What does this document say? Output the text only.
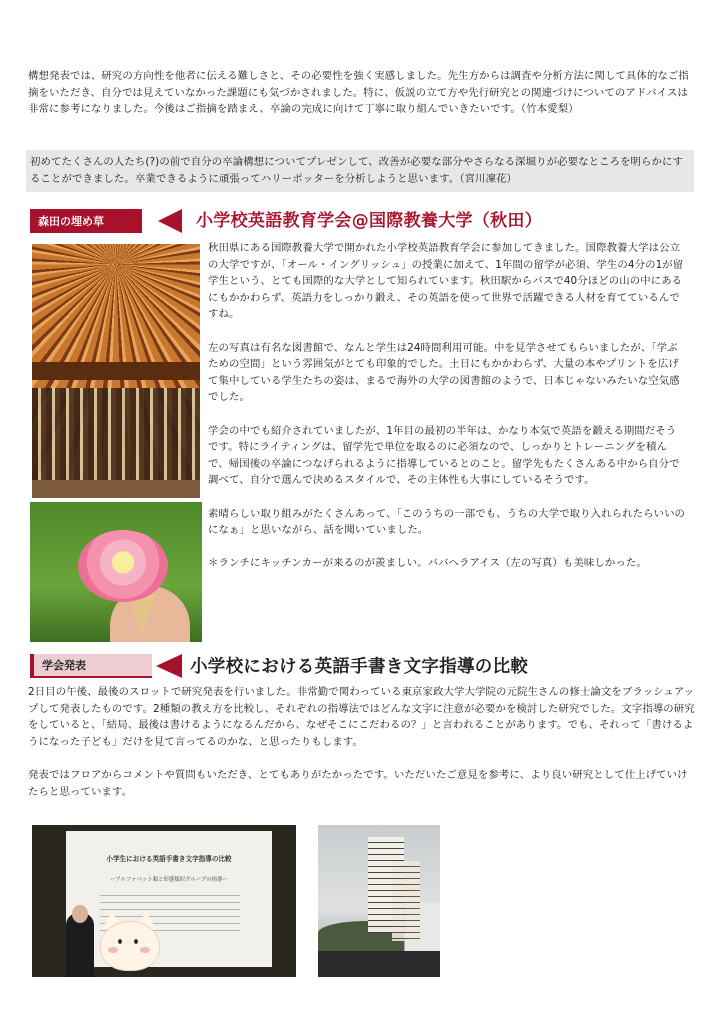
構想発表では、研究の方向性を他者に伝える難しさと、その必要性を強く実感しました。先生方からは調査や分析方法に関して具体的なご指摘をいただき、自分では見えていなかった課題にも気づかされました。特に、仮説の立て方や先行研究との関連づけについてのアドバイスは非常に参考になりました。今後はご指摘を踏まえ、卒論の完成に向けて丁寧に取り組んでいきたいです。（竹本愛梨）
初めてたくさんの人たち(?)の前で自分の卒論構想についてプレゼンして、改善が必要な部分やさらなる深堀りが必要なところを明らかにすることができました。卒業できるように頑張ってハリーポッターを分析しようと思います。（宮川凜花）
森田の埋め草	小学校英語教育学会@国際教養大学（秋田）

秋田県にある国際教養大学で開かれた小学校英語教育学会に参加してきました。国際教養大学は公立の大学ですが、「オール・イングリッシュ」の授業に加えて、1年間の留学が必須、学生の4分の1が留学生という、とても国際的な大学として知られています。秋田駅からバスで40分ほどの山の中にあるにもかかわらず、英語力をしっかり鍛え、その英語を使って世界で活躍できる人材を育てているんですね。

左の写真は有名な図書館で、なんと学生は24時間利用可能。中を見学させてもらいましたが、「学ぶための空間」という雰囲気がとても印象的でした。土日にもかかわらず、大量の本やプリントを広げて集中している学生たちの姿は、まるで海外の大学の図書館のようで、日本じゃないみたいな空気感でした。

学会の中でも紹介されていましたが、1年目の最初の半年は、かなり本気で英語を鍛える期間だそうです。特にライティングは、留学先で単位を取るのに必須なので、しっかりとトレーニングを積んで、帰国後の卒論につなげられるように指導しているとのこと。留学先もたくさんある中から自分で調べて、自分で選んで決めるスタイルで、その主体性も大事にしているそうです。

素晴らしい取り組みがたくさんあって、「このうちの一部でも、うちの大学で取り入れられたらいいのになぁ」と思いながら、話を聞いていました。

＊ランチにキッチンカーが来るのが羨ましい。ババヘラアイス（左の写真）も美味しかった。

学会発表	小学校における英語手書き文字指導の比較

2日目の午後、最後のスロットで研究発表を行いました。非常勤で関わっている東京家政大学大学院の元院生さんの修士論文をブラッシュアップして発表したものです。2種類の教え方を比較し、それぞれの指導法ではどんな文字に注意が必要かを検討した研究でした。文字指導の研究をしていると、「結局、最後は書けるようになるんだから、なぜそこにこだわるの？」と言われることがあります。でも、それって「書けるようになった子ども」だけを見て言ってるのかな、と思ったりもします。

発表ではフロアからコメントや質問もいただき、とてもありがたかったです。いただいたご意見を参考に、より良い研究として仕上げていけたらと思っています。

小学生における英語手書き文字指導の比較
ーアルファベット順と形態類似グループの指導ー
